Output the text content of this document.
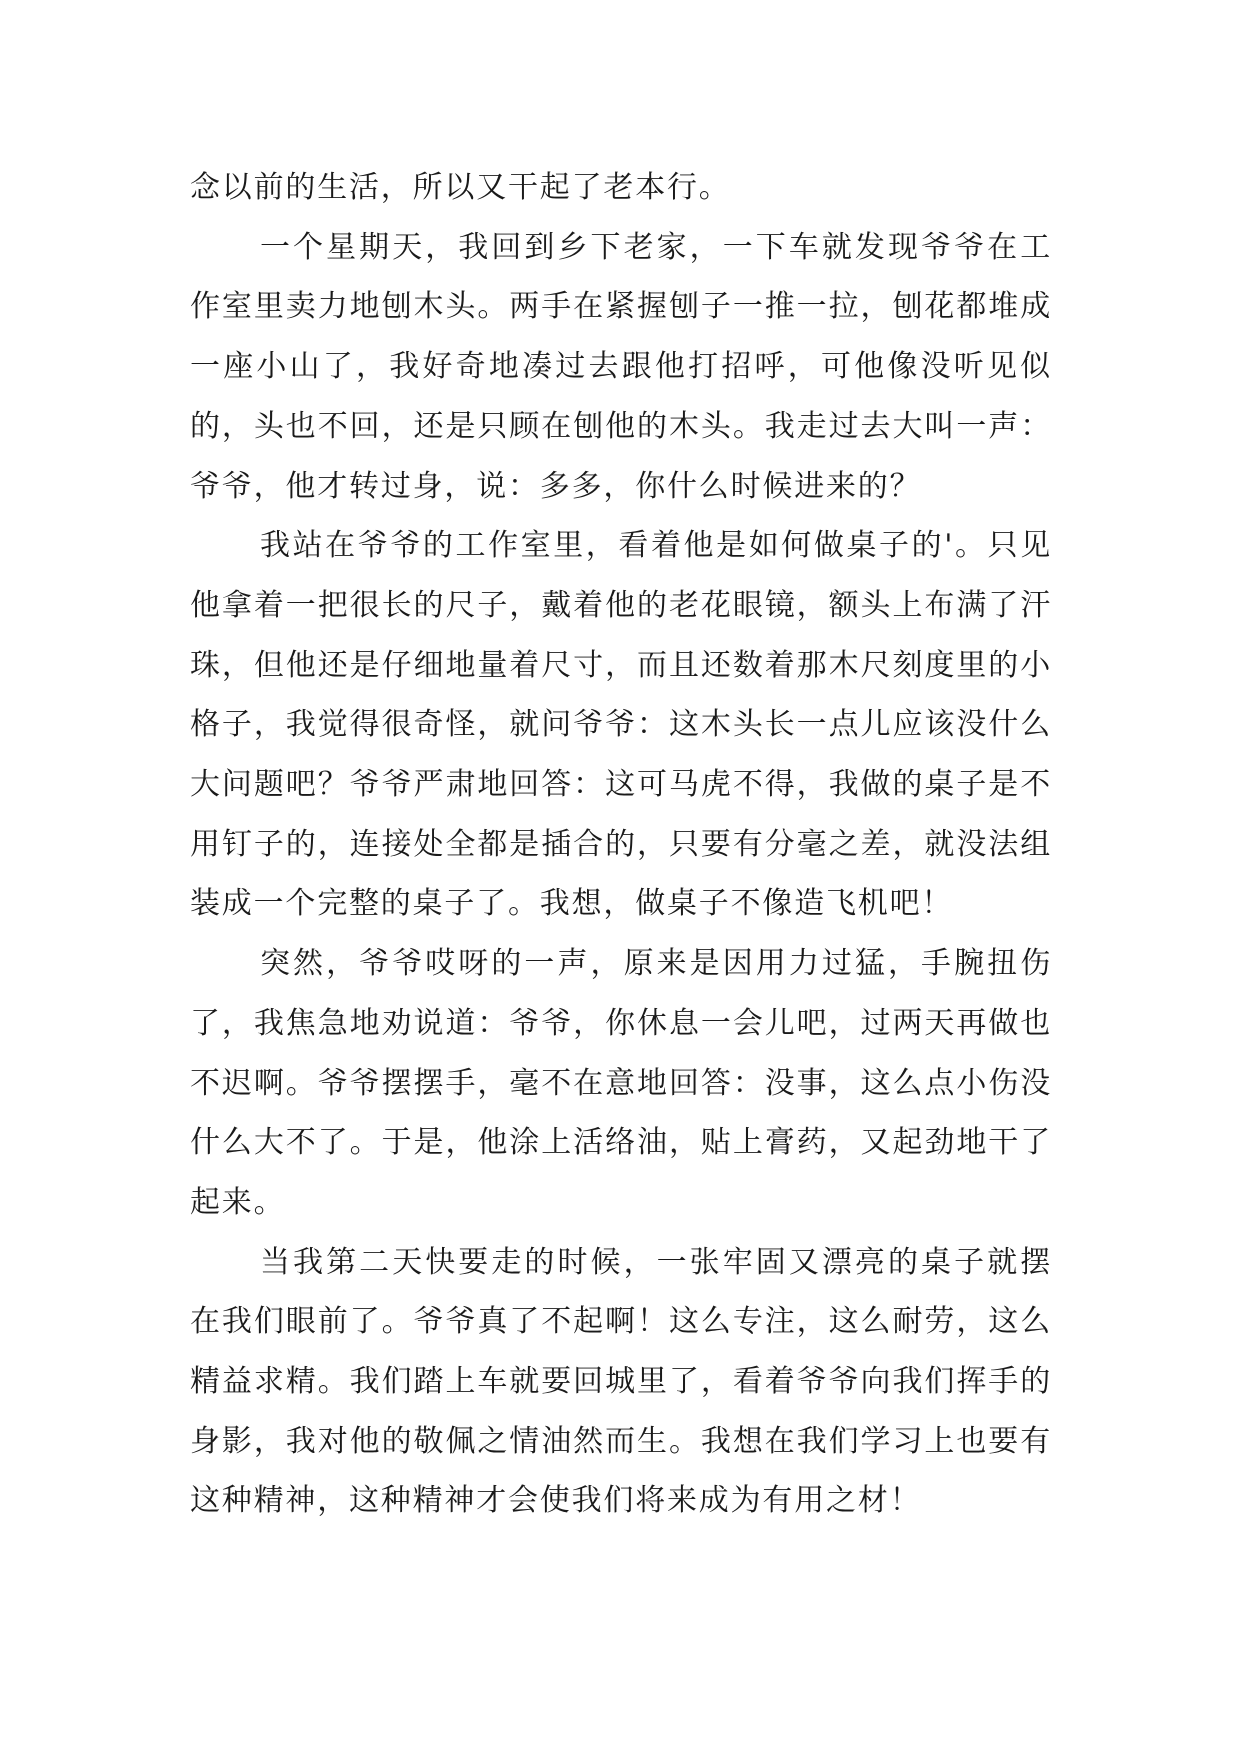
念以前的生活，所以又干起了老本行。

一个星期天，我回到乡下老家，一下车就发现爷爷在工作室里卖力地刨木头。两手在紧握刨子一推一拉，刨花都堆成一座小山了，我好奇地凑过去跟他打招呼，可他像没听见似的，头也不回，还是只顾在刨他的木头。我走过去大叫一声：爷爷，他才转过身，说：多多，你什么时候进来的？

我站在爷爷的工作室里，看着他是如何做桌子的'。只见他拿着一把很长的尺子，戴着他的老花眼镜，额头上布满了汗珠，但他还是仔细地量着尺寸，而且还数着那木尺刻度里的小格子，我觉得很奇怪，就问爷爷：这木头长一点儿应该没什么大问题吧？爷爷严肃地回答：这可马虎不得，我做的桌子是不用钉子的，连接处全都是插合的，只要有分毫之差，就没法组装成一个完整的桌子了。我想，做桌子不像造飞机吧！

突然，爷爷哎呀的一声，原来是因用力过猛，手腕扭伤了，我焦急地劝说道：爷爷，你休息一会儿吧，过两天再做也不迟啊。爷爷摆摆手，毫不在意地回答：没事，这么点小伤没什么大不了。于是，他涂上活络油，贴上膏药，又起劲地干了起来。

当我第二天快要走的时候，一张牢固又漂亮的桌子就摆在我们眼前了。爷爷真了不起啊！这么专注，这么耐劳，这么精益求精。我们踏上车就要回城里了，看着爷爷向我们挥手的身影，我对他的敬佩之情油然而生。我想在我们学习上也要有这种精神，这种精神才会使我们将来成为有用之材！
